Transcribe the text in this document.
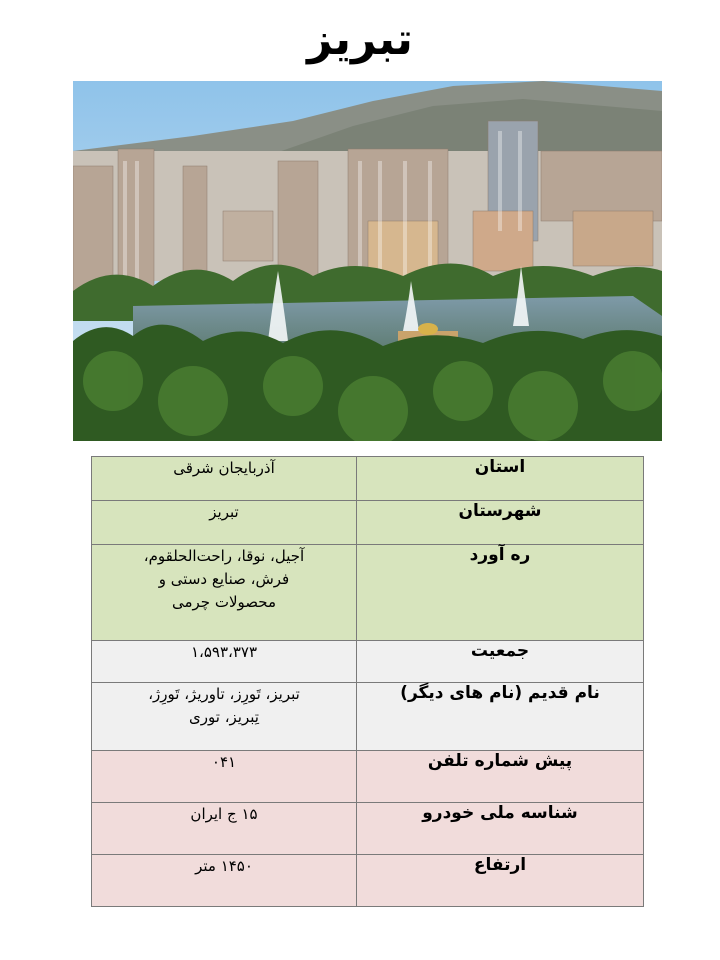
تبریز
استان	آذربایجان شرقی
شهرستان	تبریز
ره آورد	آجیل، نوقا، راحت‌الحلقوم،
فرش، صنایع دستی و
محصولات چرمی
جمعیت	۱،۵۹۳،۳۷۳
نام قدیم (نام های دیگر)	تبریز، تَورِز، تاوریژ، تَورِژ،
تِبریز، توری
پیش شماره تلفن	۰۴۱
شناسه ملی خودرو	۱۵ ج ایران
ارتفاع	۱۴۵۰ متر
